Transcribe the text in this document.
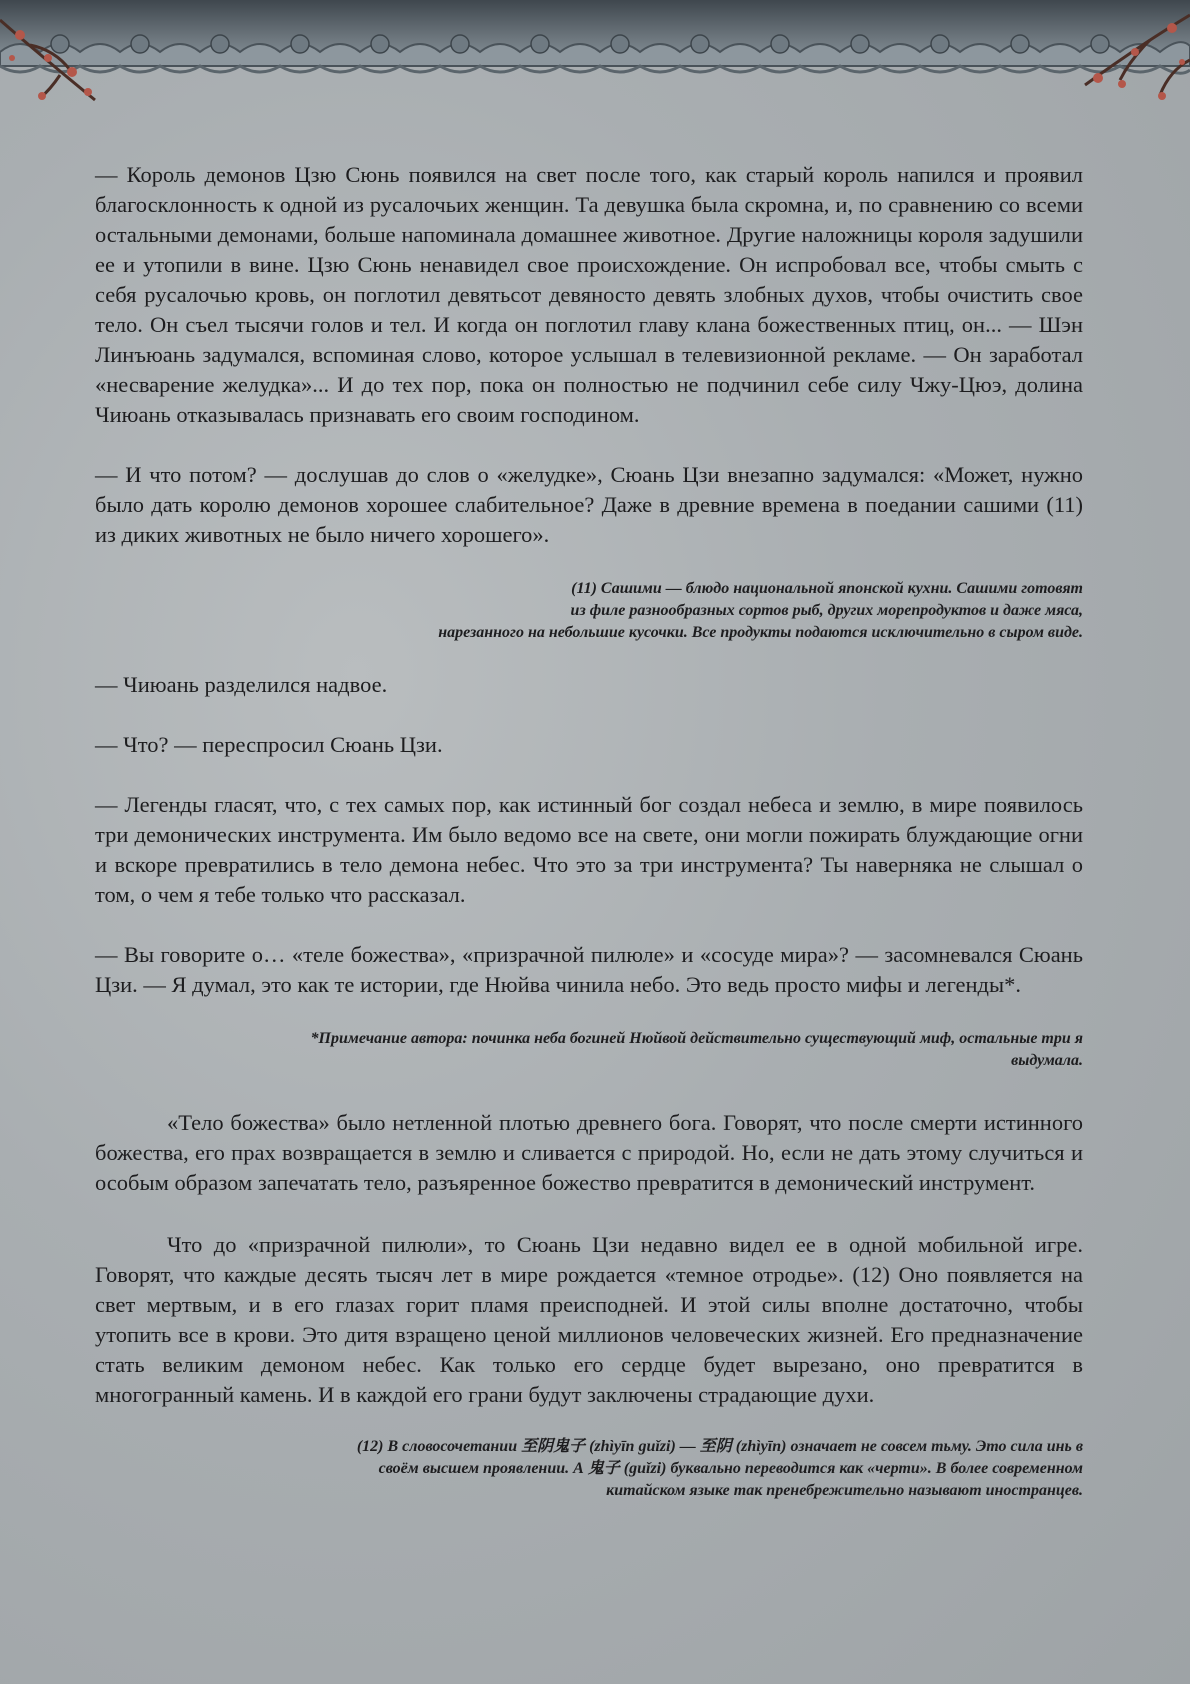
— Король демонов Цзю Сюнь появился на свет после того, как старый король напился и проявил благосклонность к одной из русалочьих женщин. Та девушка была скромна, и, по сравнению со всеми остальными демонами, больше напоминала домашнее животное. Другие наложницы короля задушили ее и утопили в вине. Цзю Сюнь ненавидел свое происхождение. Он испробовал все, чтобы смыть с себя русалочью кровь, он поглотил девятьсот девяносто девять злобных духов, чтобы очистить свое тело. Он съел тысячи голов и тел. И когда он поглотил главу клана божественных птиц, он... — Шэн Линъюань задумался, вспоминая слово, которое услышал в телевизионной рекламе. — Он заработал «несварение желудка»... И до тех пор, пока он полностью не подчинил себе силу Чжу-Цюэ, долина Чиюань отказывалась признавать его своим господином.

— И что потом? — дослушав до слов о «желудке», Сюань Цзи внезапно задумался: «Может, нужно было дать королю демонов хорошее слабительное? Даже в древние времена в поедании сашими (11) из диких животных не было ничего хорошего».

(11) Сашими — блюдо национальной японской кухни. Сашими готовят

из филе разнообразных сортов рыб, других морепродуктов и даже мяса,

нарезанного на небольшие кусочки. Все продукты подаются исключительно в сыром виде.

— Чиюань разделился надвое.

— Что? — переспросил Сюань Цзи.

— Легенды гласят, что, с тех самых пор, как истинный бог создал небеса и землю, в мире появилось три демонических инструмента. Им было ведомо все на свете, они могли пожирать блуждающие огни и вскоре превратились в тело демона небес. Что это за три инструмента? Ты наверняка не слышал о том, о чем я тебе только что рассказал.

— Вы говорите о… «теле божества», «призрачной пилюле» и «сосуде мира»? — засомневался Сюань Цзи. — Я думал, это как те истории, где Нюйва чинила небо. Это ведь просто мифы и легенды*.

*Примечание автора: починка неба богиней Нюйвой действительно существующий миф, остальные три я

выдумала.

«Тело божества» было нетленной плотью древнего бога. Говорят, что после смерти истинного божества, его прах возвращается в землю и сливается с природой. Но, если не дать этому случиться и особым образом запечатать тело, разъяренное божество превратится в демонический инструмент.

Что до «призрачной пилюли», то Сюань Цзи недавно видел ее в одной мобильной игре. Говорят, что каждые десять тысяч лет в мире рождается «темное отродье». (12) Оно появляется на свет мертвым, и в его глазах горит пламя преисподней. И этой силы вполне достаточно, чтобы утопить все в крови. Это дитя взращено ценой миллионов человеческих жизней. Его предназначение стать великим демоном небес. Как только его сердце будет вырезано, оно превратится в многогранный камень. И в каждой его грани будут заключены страдающие духи.

(12) В словосочетании 至阴鬼子 (zhìyīn guǐzi) — 至阴 (zhìyīn) означает не совсем тьму. Это сила инь в

своём высшем проявлении. А 鬼子 (guǐzi) буквально переводится как «черти». В более современном

китайском языке так пренебрежительно называют иностранцев.
